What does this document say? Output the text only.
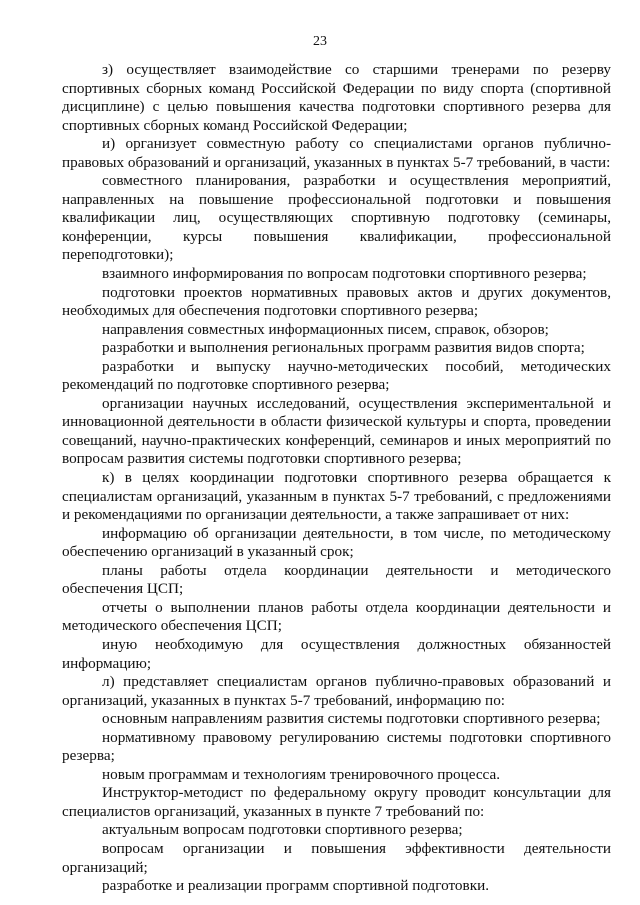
23

з) осуществляет взаимодействие со старшими тренерами по резерву спортивных сборных команд Российской Федерации по виду спорта (спортивной дисциплине) с целью повышения качества подготовки спортивного резерва для спортивных сборных команд Российской Федерации;

и) организует совместную работу со специалистами органов публично-правовых образований и организаций, указанных в пунктах 5-7 требований, в части:

совместного планирования, разработки и осуществления мероприятий, направленных на повышение профессиональной подготовки и повышения квалификации лиц, осуществляющих спортивную подготовку (семинары, конференции, курсы повышения квалификации, профессиональной переподготовки);

взаимного информирования по вопросам подготовки спортивного резерва;

подготовки проектов нормативных правовых актов и других документов, необходимых для обеспечения подготовки спортивного резерва;

направления совместных информационных писем, справок, обзоров;

разработки и выполнения региональных программ развития видов спорта;

разработки и выпуску научно-методических пособий, методических рекомендаций по подготовке спортивного резерва;

организации научных исследований, осуществления экспериментальной и инновационной деятельности в области физической культуры и спорта, проведении совещаний, научно-практических конференций, семинаров и иных мероприятий по вопросам развития системы подготовки спортивного резерва;

к) в целях координации подготовки спортивного резерва обращается к специалистам организаций, указанным в пунктах 5-7 требований, с предложениями и рекомендациями по организации деятельности, а также запрашивает от них:

информацию об организации деятельности, в том числе, по методическому обеспечению организаций в указанный срок;

планы работы отдела координации деятельности и методического обеспечения ЦСП;

отчеты о выполнении планов работы отдела координации деятельности и методического обеспечения ЦСП;

иную необходимую для осуществления должностных обязанностей информацию;

л) представляет специалистам органов публично-правовых образований и организаций, указанных в пунктах 5-7 требований, информацию по:

основным направлениям развития системы подготовки спортивного резерва;

нормативному правовому регулированию системы подготовки спортивного резерва;

новым программам и технологиям тренировочного процесса.

Инструктор-методист по федеральному округу проводит консультации для специалистов организаций, указанных в пункте 7 требований по:

актуальным вопросам подготовки спортивного резерва;

вопросам организации и повышения эффективности деятельности организаций;

разработке и реализации программ спортивной подготовки.
